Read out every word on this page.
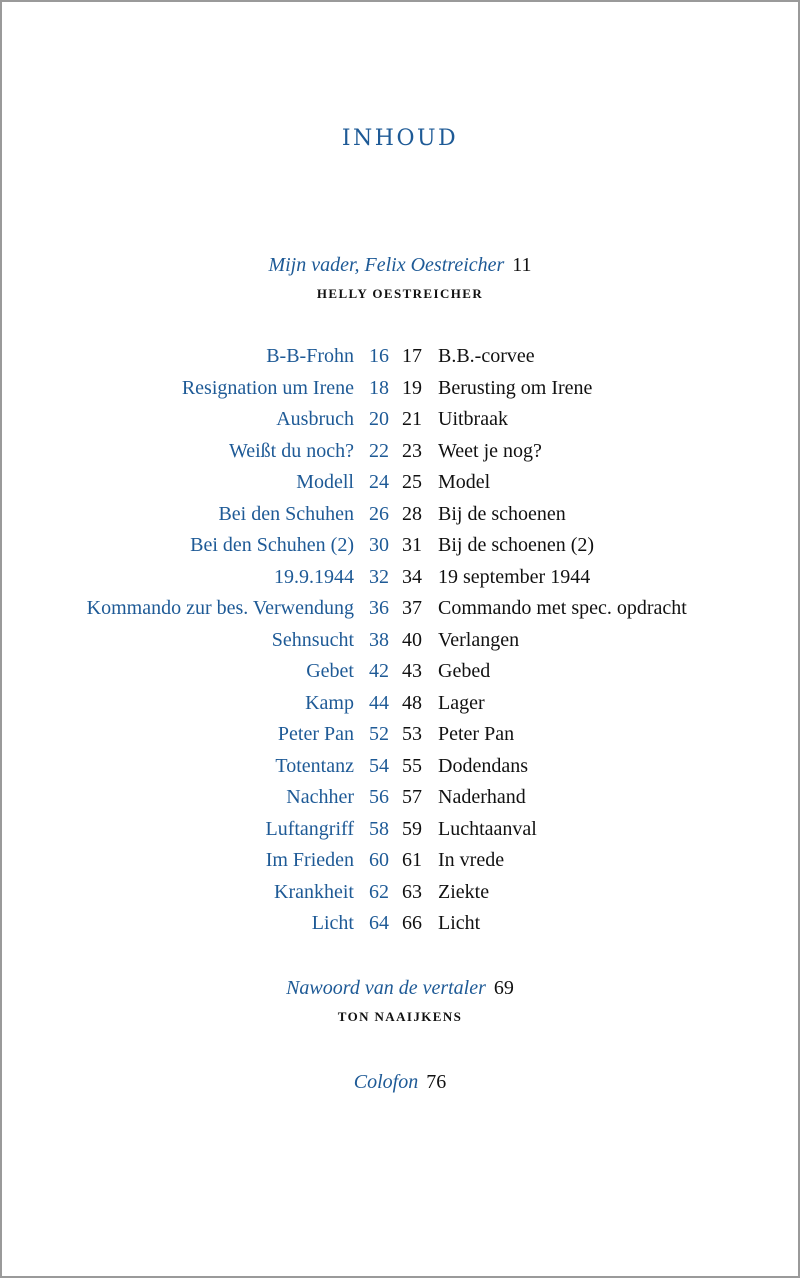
INHOUD
Mijn vader, Felix Oestreicher 11
HELLY OESTREICHER
B-B-Frohn 16 17 B.B.-corvee
Resignation um Irene 18 19 Berusting om Irene
Ausbruch 20 21 Uitbraak
Weißt du noch? 22 23 Weet je nog?
Modell 24 25 Model
Bei den Schuhen 26 28 Bij de schoenen
Bei den Schuhen (2) 30 31 Bij de schoenen (2)
19.9.1944 32 34 19 september 1944
Kommando zur bes. Verwendung 36 37 Commando met spec. opdracht
Sehnsucht 38 40 Verlangen
Gebet 42 43 Gebed
Kamp 44 48 Lager
Peter Pan 52 53 Peter Pan
Totentanz 54 55 Dodendans
Nachher 56 57 Naderhand
Luftangriff 58 59 Luchtaanval
Im Frieden 60 61 In vrede
Krankheit 62 63 Ziekte
Licht 64 66 Licht
Nawoord van de vertaler 69
TON NAAIJKENS
Colofon 76
